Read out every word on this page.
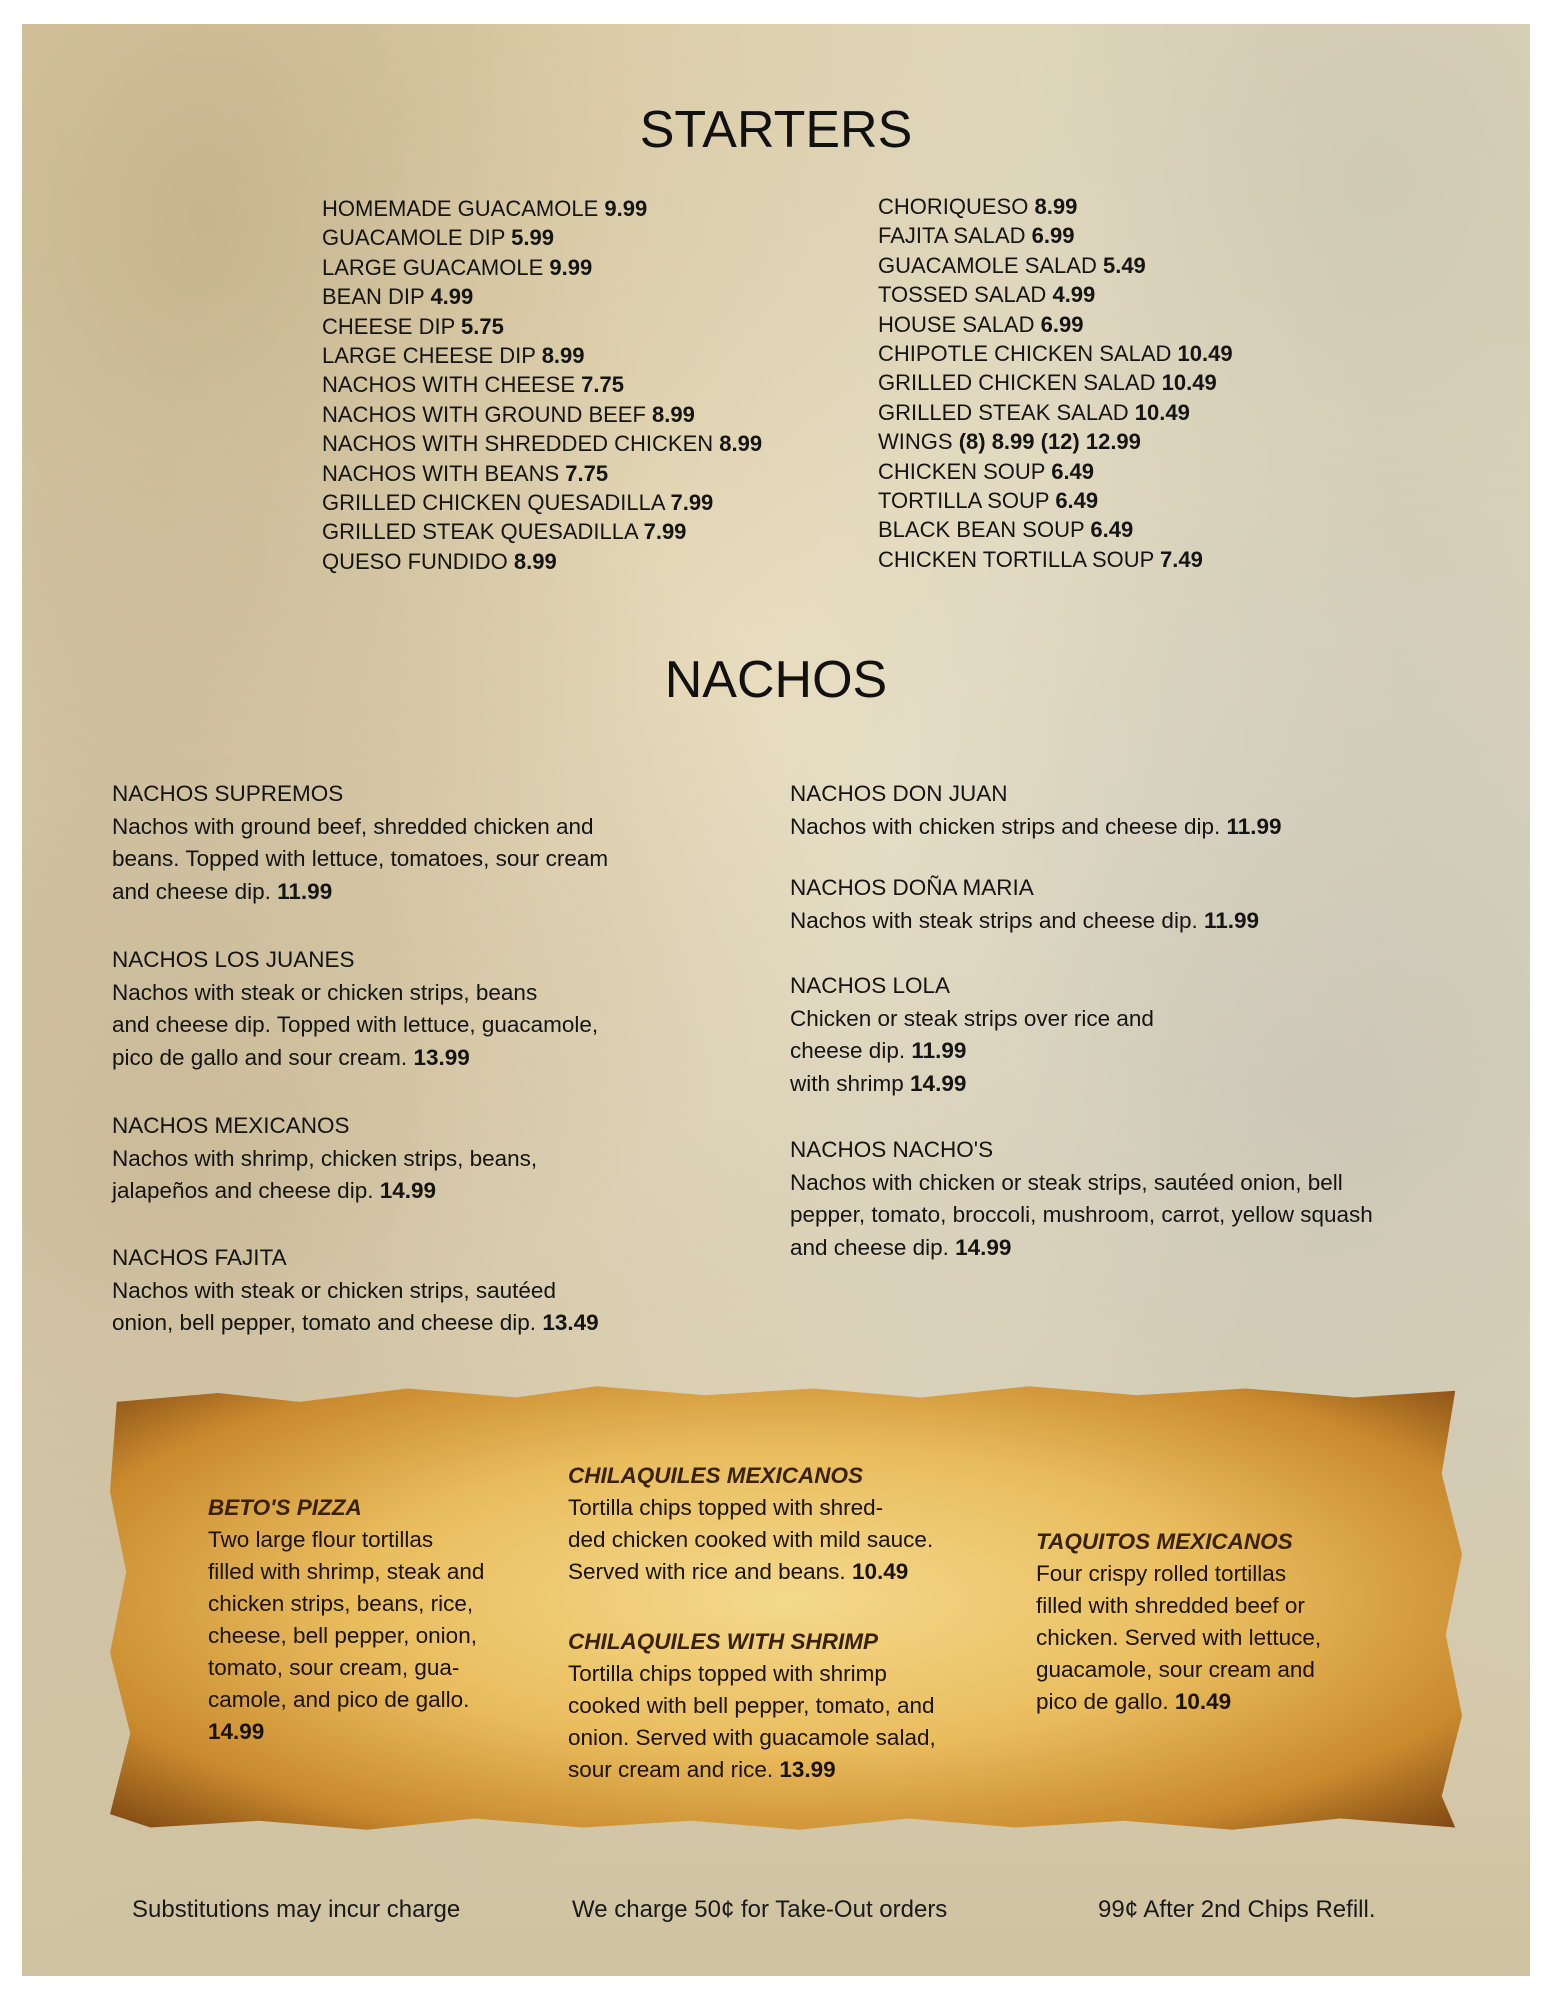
STARTERS
HOMEMADE GUACAMOLE 9.99
GUACAMOLE DIP 5.99
LARGE GUACAMOLE 9.99
BEAN DIP 4.99
CHEESE DIP 5.75
LARGE CHEESE DIP 8.99
NACHOS WITH CHEESE 7.75
NACHOS WITH GROUND BEEF 8.99
NACHOS WITH SHREDDED CHICKEN 8.99
NACHOS WITH BEANS 7.75
GRILLED CHICKEN QUESADILLA 7.99
GRILLED STEAK QUESADILLA 7.99
QUESO FUNDIDO 8.99
CHORIQUESO 8.99
FAJITA SALAD 6.99
GUACAMOLE SALAD 5.49
TOSSED SALAD 4.99
HOUSE SALAD 6.99
CHIPOTLE CHICKEN SALAD 10.49
GRILLED CHICKEN SALAD 10.49
GRILLED STEAK SALAD 10.49
WINGS (8) 8.99 (12) 12.99
CHICKEN SOUP 6.49
TORTILLA SOUP 6.49
BLACK BEAN SOUP 6.49
CHICKEN TORTILLA SOUP 7.49
NACHOS
NACHOS SUPREMOS
Nachos with ground beef, shredded chicken and
beans. Topped with lettuce, tomatoes, sour cream
and cheese dip. 11.99
NACHOS LOS JUANES
Nachos with steak or chicken strips, beans
and cheese dip. Topped with lettuce, guacamole,
pico de gallo and sour cream. 13.99
NACHOS MEXICANOS
Nachos with shrimp, chicken strips, beans,
jalapeños and cheese dip. 14.99
NACHOS FAJITA
Nachos with steak or chicken strips, sautéed
onion, bell pepper, tomato and cheese dip. 13.49
NACHOS DON JUAN
Nachos with chicken strips and cheese dip. 11.99
NACHOS DOÑA MARIA
Nachos with steak strips and cheese dip. 11.99
NACHOS LOLA
Chicken or steak strips over rice and
cheese dip. 11.99
with shrimp 14.99
NACHOS NACHO'S
Nachos with chicken or steak strips, sautéed onion, bell
pepper, tomato, broccoli, mushroom, carrot, yellow squash
and cheese dip. 14.99
BETO'S PIZZA
Two large flour tortillas
filled with shrimp, steak and
chicken strips, beans, rice,
cheese, bell pepper, onion,
tomato, sour cream, gua-
camole, and pico de gallo.
14.99
CHILAQUILES MEXICANOS
Tortilla chips topped with shred-
ded chicken cooked with mild sauce.
Served with rice and beans. 10.49
CHILAQUILES WITH SHRIMP
Tortilla chips topped with shrimp
cooked with bell pepper, tomato, and
onion. Served with guacamole salad,
sour cream and rice. 13.99
TAQUITOS MEXICANOS
Four crispy rolled tortillas
filled with shredded beef or
chicken. Served with lettuce,
guacamole, sour cream and
pico de gallo. 10.49
Substitutions may incur charge	We charge 50¢ for Take-Out orders	99¢ After 2nd Chips Refill.
